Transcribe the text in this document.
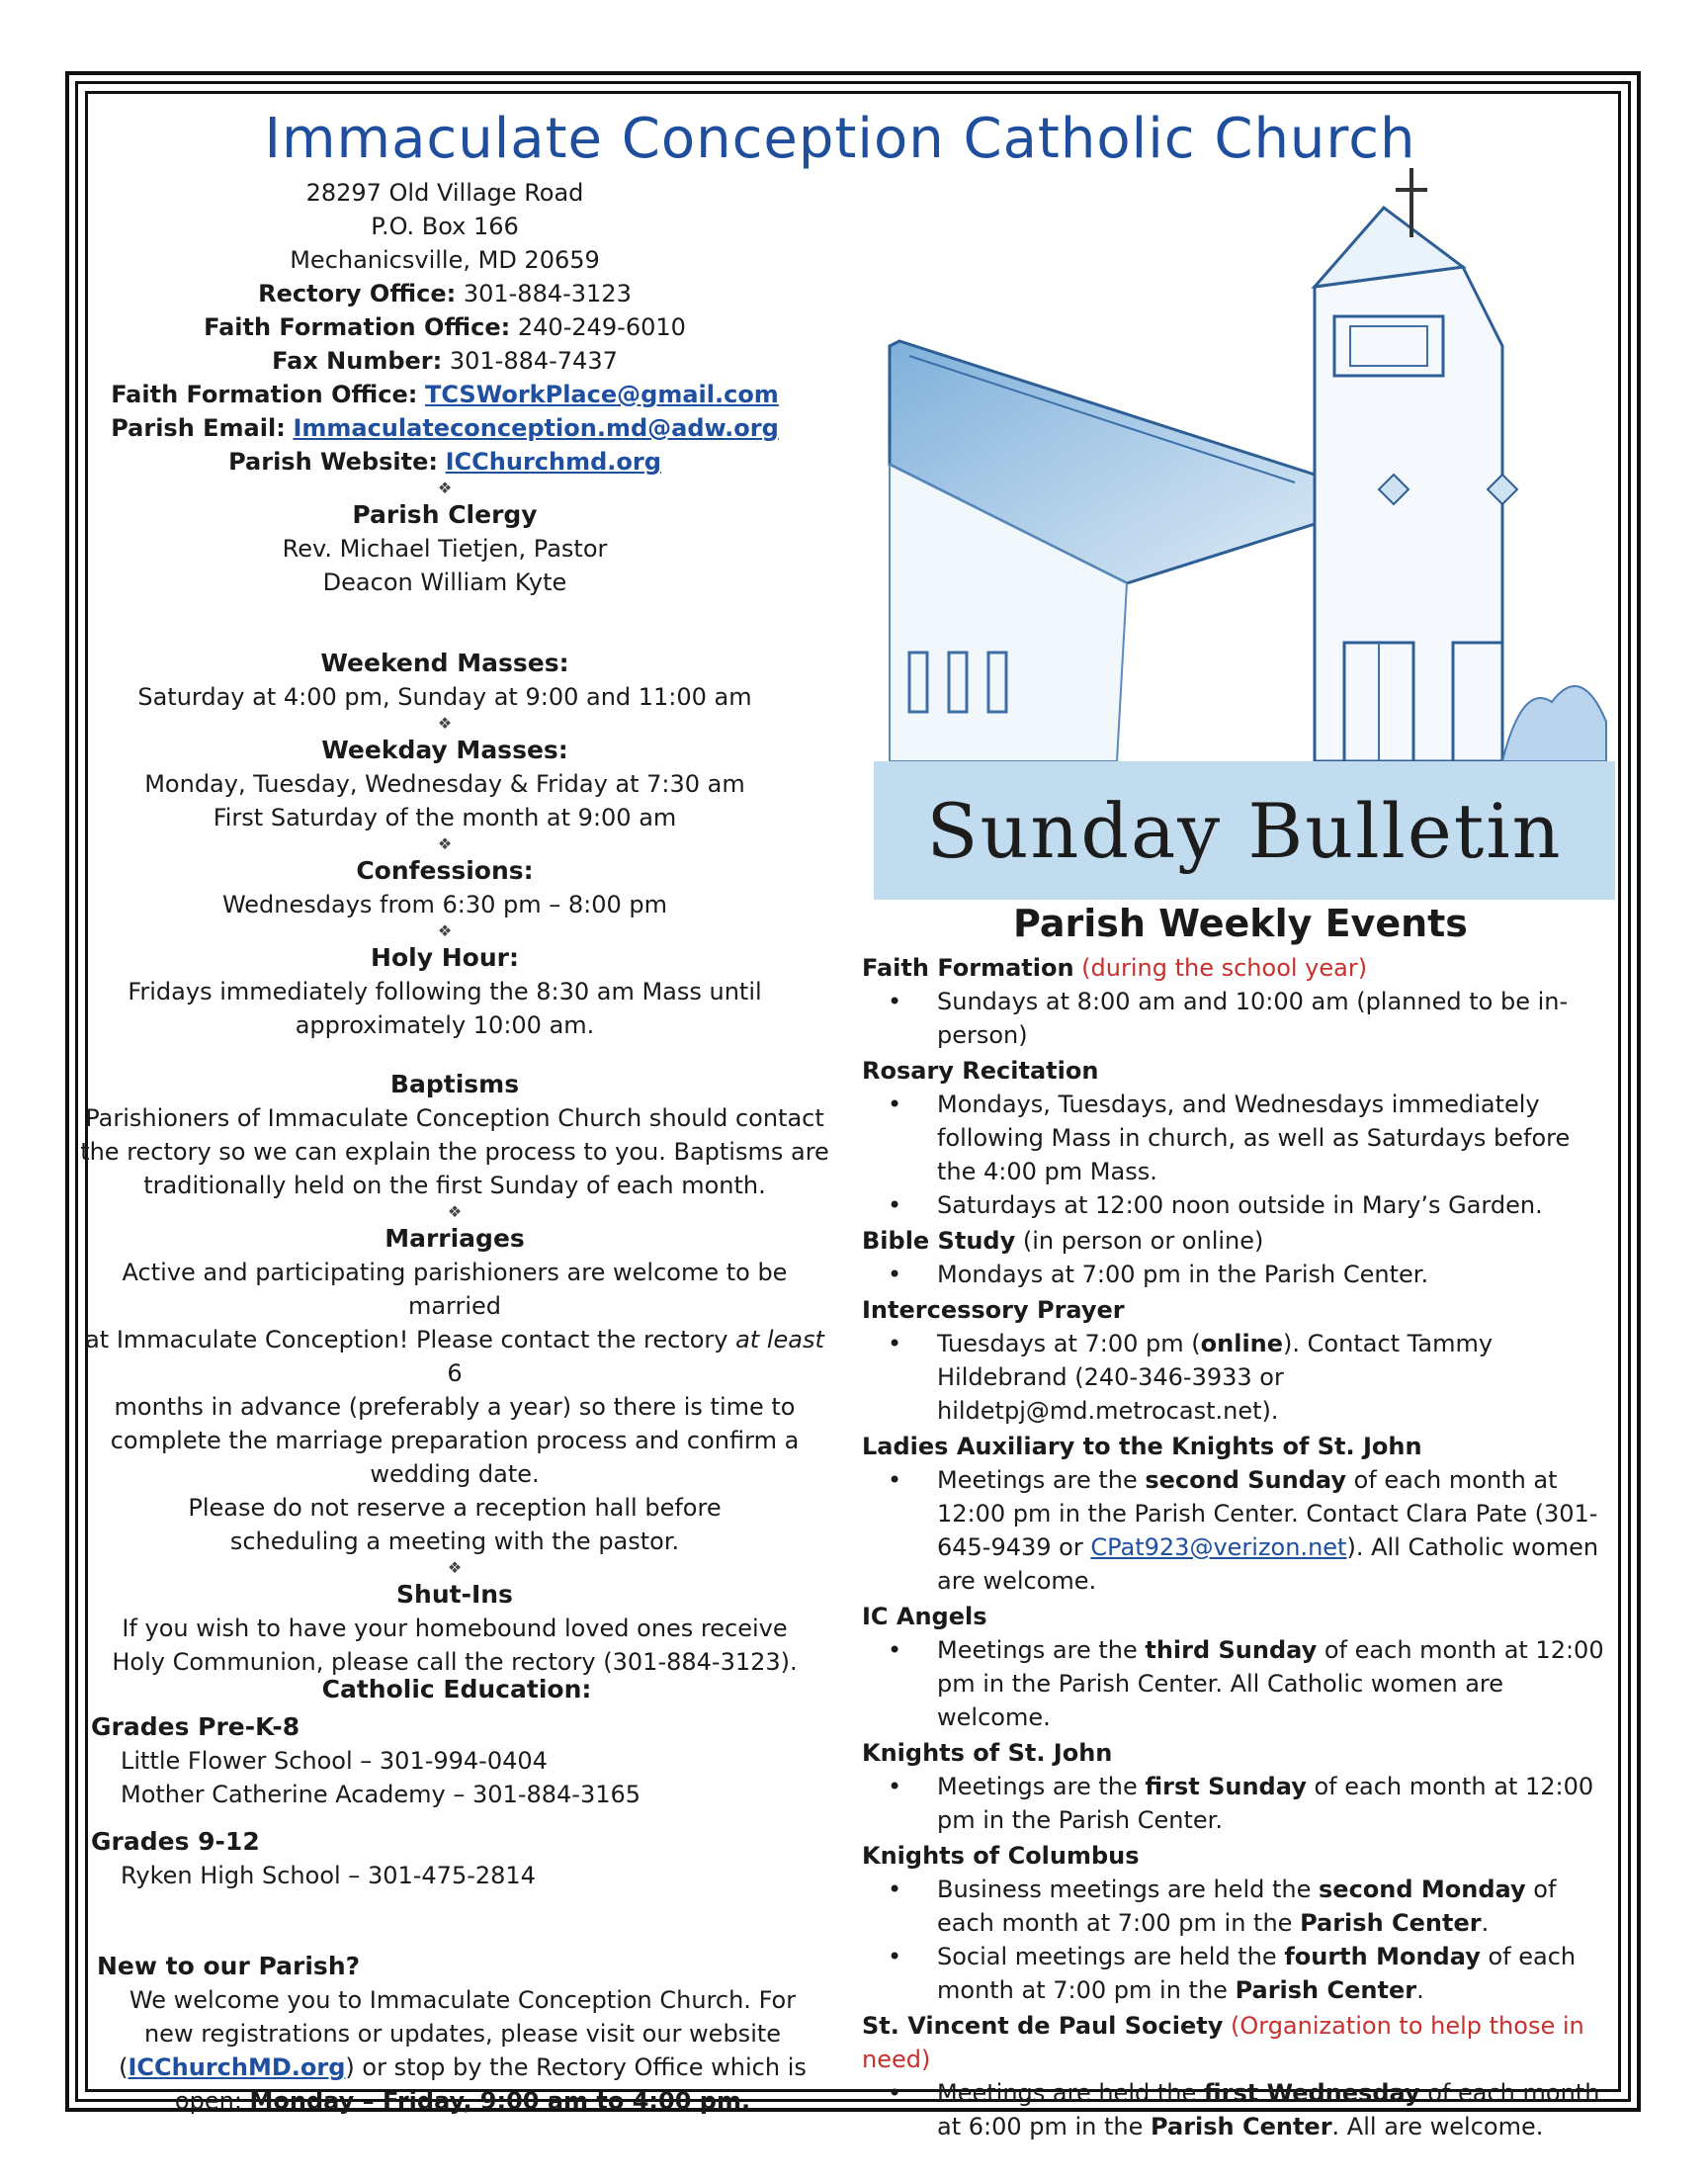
Immaculate Conception Catholic Church
28297 Old Village Road
P.O. Box 166
Mechanicsville, MD 20659
Rectory Office: 301-884-3123
Faith Formation Office: 240-249-6010
Fax Number: 301-884-7437
Faith Formation Office: TCSWorkPlace@gmail.com
Parish Email: Immaculateconception.md@adw.org
Parish Website: ICChurchmd.org
❖
Parish Clergy
Rev. Michael Tietjen, Pastor
Deacon William Kyte
Weekend Masses:
Saturday at 4:00 pm, Sunday at 9:00 and 11:00 am
❖
Weekday Masses:
Monday, Tuesday, Wednesday & Friday at 7:30 am
First Saturday of the month at 9:00 am
❖
Confessions:
Wednesdays from 6:30 pm – 8:00 pm
❖
Holy Hour:
Fridays immediately following the 8:30 am Mass until
approximately 10:00 am.
Baptisms
Parishioners of Immaculate Conception Church should contact
the rectory so we can explain the process to you. Baptisms are
traditionally held on the first Sunday of each month.
❖
Marriages
Active and participating parishioners are welcome to be married
at Immaculate Conception! Please contact the rectory at least 6
months in advance (preferably a year) so there is time to
complete the marriage preparation process and confirm a
wedding date.
Please do not reserve a reception hall before
scheduling a meeting with the pastor.
❖
Shut-Ins
If you wish to have your homebound loved ones receive
Holy Communion, please call the rectory (301-884-3123).
Catholic Education:
Grades Pre-K-8
Little Flower School – 301-994-0404
Mother Catherine Academy – 301-884-3165
Grades 9-12
Ryken High School – 301-475-2814
New to our Parish?
We welcome you to Immaculate Conception Church. For
new registrations or updates, please visit our website
(ICChurchMD.org) or stop by the Rectory Office which is
open: Monday – Friday, 9:00 am to 4:00 pm.
Sunday Bulletin
Parish Weekly Events
Faith Formation (during the school year)
• Sundays at 8:00 am and 10:00 am (planned to be in-person)
Rosary Recitation
• Mondays, Tuesdays, and Wednesdays immediately following Mass in church, as well as Saturdays before the 4:00 pm Mass.
• Saturdays at 12:00 noon outside in Mary’s Garden.
Bible Study (in person or online)
• Mondays at 7:00 pm in the Parish Center.
Intercessory Prayer
• Tuesdays at 7:00 pm (online). Contact Tammy Hildebrand (240-346-3933 or hildetpj@md.metrocast.net).
Ladies Auxiliary to the Knights of St. John
• Meetings are the second Sunday of each month at 12:00 pm in the Parish Center. Contact Clara Pate (301-645-9439 or CPat923@verizon.net). All Catholic women are welcome.
IC Angels
• Meetings are the third Sunday of each month at 12:00 pm in the Parish Center. All Catholic women are welcome.
Knights of St. John
• Meetings are the first Sunday of each month at 12:00 pm in the Parish Center.
Knights of Columbus
• Business meetings are held the second Monday of each month at 7:00 pm in the Parish Center.
• Social meetings are held the fourth Monday of each month at 7:00 pm in the Parish Center.
St. Vincent de Paul Society (Organization to help those in need)
• Meetings are held the first Wednesday of each month at 6:00 pm in the Parish Center. All are welcome.
